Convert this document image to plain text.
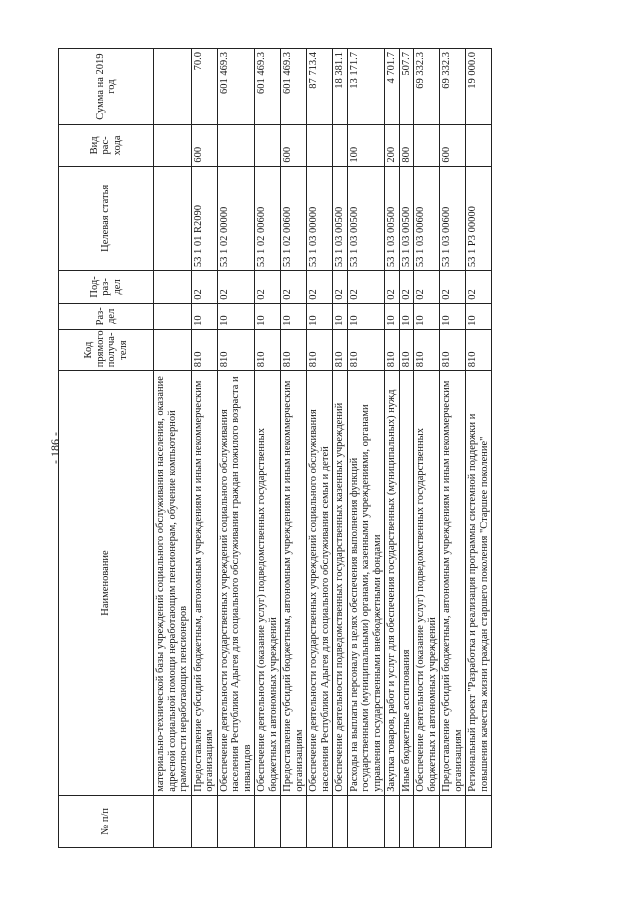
- 186 -
№ п/п	Наименование	Код прямого получа-теля	Раз-дел	Под-раз-дел	Целевая статья	Вид рас-хода	Сумма на 2019 год
	материально-технической базы учреждений социального обслуживания населения, оказание адресной социальной помощи неработающим пенсионерам, обучение компьютерной грамотности неработающих пенсионеров						
	Предоставление субсидий бюджетным, автономным учреждениям и иным некоммерческим организациям	810	10	02	53 1 01 R2090	600	70.0
	Обеспечение деятельности государственных учреждений социального обслуживания населения Республики Адыгея для социального обслуживания граждан пожилого возраста и инвалидов	810	10	02	53 1 02 00000		601 469.3
	Обеспечение деятельности (оказание услуг) подведомственных государственных бюджетных и автономных учреждений	810	10	02	53 1 02 00600		601 469.3
	Предоставление субсидий бюджетным, автономным учреждениям и иным некоммерческим организациям	810	10	02	53 1 02 00600	600	601 469.3
	Обеспечение деятельности государственных учреждений социального обслуживания населения Республики Адыгея для социального обслуживания семьи и детей	810	10	02	53 1 03 00000		87 713.4
	Обеспечение деятельности подведомственных государственных казенных учреждений	810	10	02	53 1 03 00500		18 381.1
	Расходы на выплаты персоналу в целях обеспечения выполнения функций государственными (муниципальными) органами, казенными учреждениями, органами управления государственными внебюджетными фондами	810	10	02	53 1 03 00500	100	13 171.7
	Закупка товаров, работ и услуг для обеспечения государственных (муниципальных) нужд	810	10	02	53 1 03 00500	200	4 701.7
	Иные бюджетные ассигнования	810	10	02	53 1 03 00500	800	507.7
	Обеспечение деятельности (оказание услуг) подведомственных государственных бюджетных и автономных учреждений	810	10	02	53 1 03 00600		69 332.3
	Предоставление субсидий бюджетным, автономным учреждениям и иным некоммерческим организациям	810	10	02	53 1 03 00600	600	69 332.3
	Региональный проект "Разработка и реализация программы системной поддержки и повышения качества жизни граждан старшего поколения "Старшее поколение"	810	10	02	53 1 P3 00000		19 000.0
